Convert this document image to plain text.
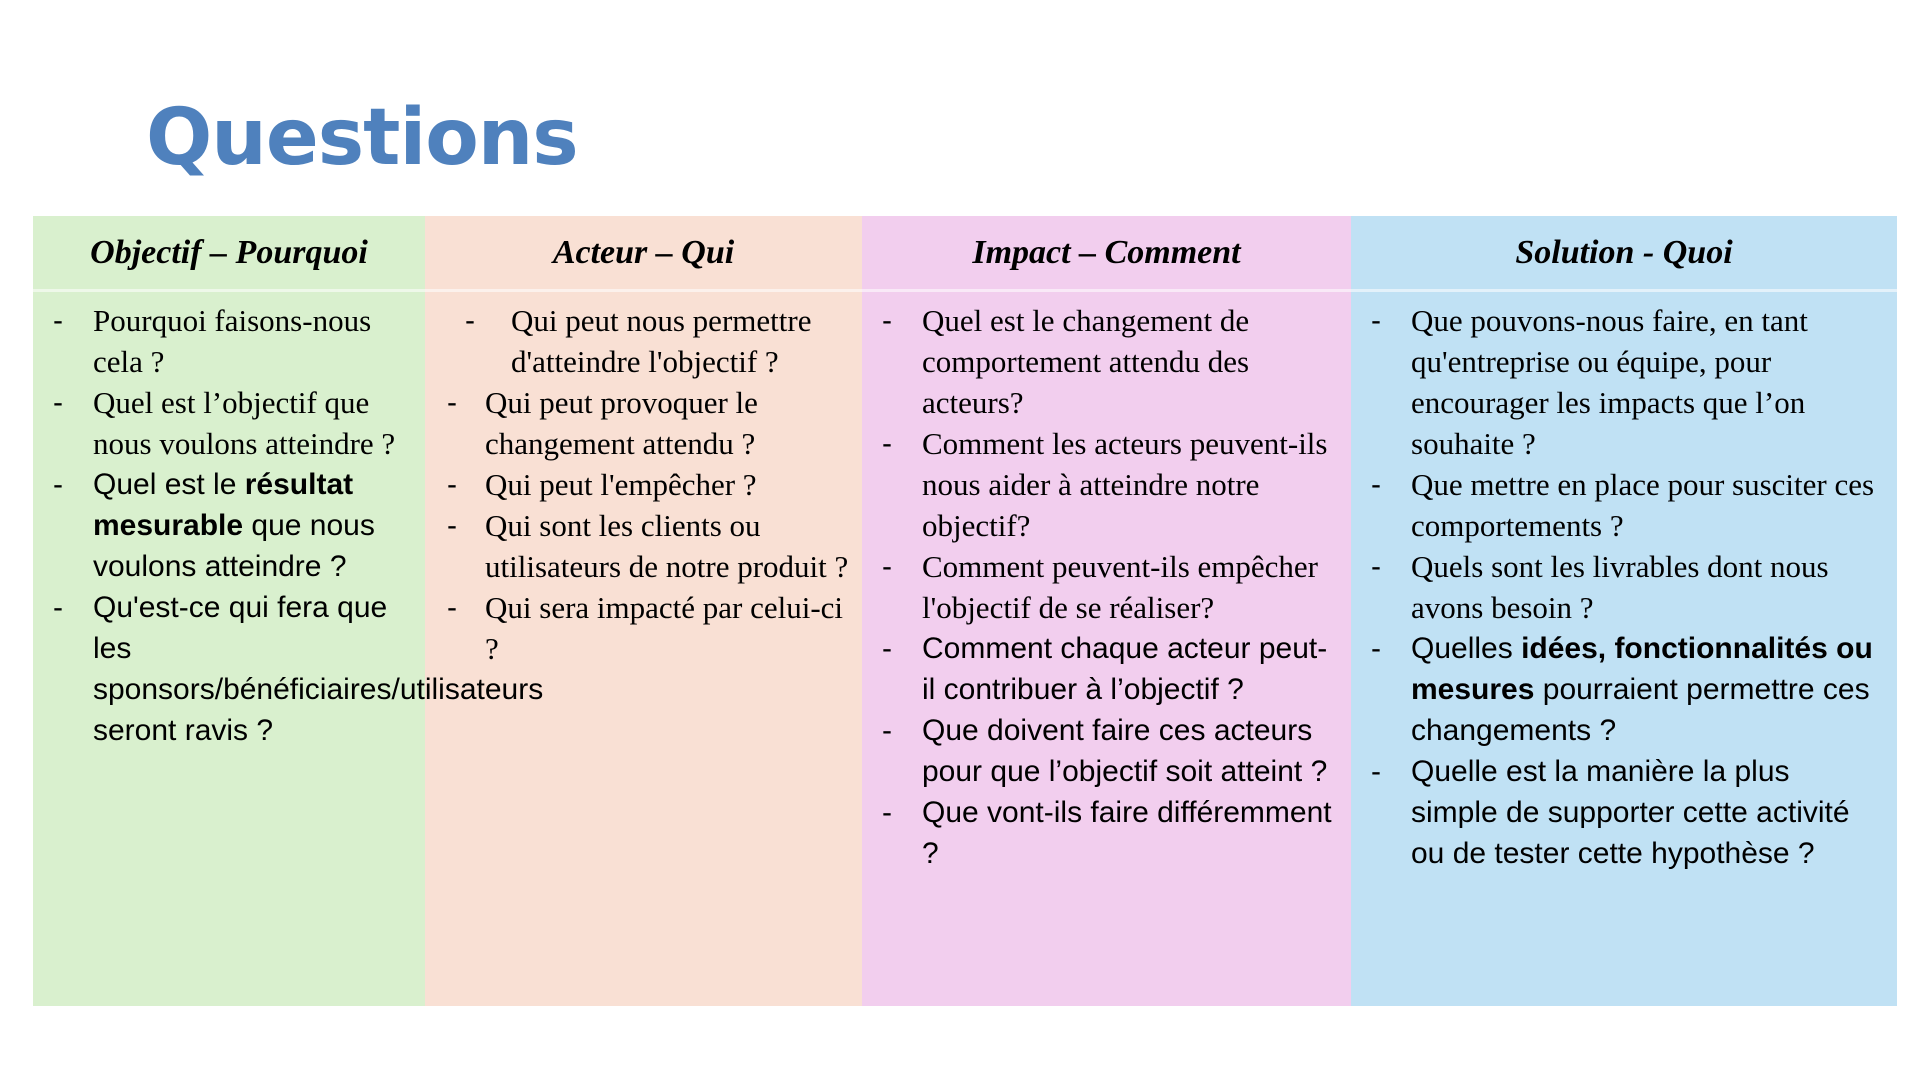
Questions
Objectif – Pourquoi
- Pourquoi faisons-nous cela ?
- Quel est l’objectif que nous voulons atteindre ?
- Quel est le résultat mesurable que nous voulons atteindre ?
- Qu'est-ce qui fera que les sponsors/bénéficiaires/utilisateurs seront ravis ?
Acteur – Qui
- Qui peut nous permettre d'atteindre l'objectif ?
- Qui peut provoquer le changement attendu ?
- Qui peut l'empêcher ?
- Qui sont les clients ou utilisateurs de notre produit ?
- Qui sera impacté par celui-ci ?
Impact – Comment
- Quel est le changement de comportement attendu des acteurs?
- Comment les acteurs peuvent-ils nous aider à atteindre notre objectif?
- Comment peuvent-ils empêcher l'objectif de se réaliser?
- Comment chaque acteur peut-il contribuer à l’objectif ?
- Que doivent faire ces acteurs pour que l’objectif soit atteint ?
- Que vont-ils faire différemment ?
Solution - Quoi
- Que pouvons-nous faire, en tant qu'entreprise ou équipe, pour encourager les impacts que l’on souhaite ?
- Que mettre en place pour susciter ces comportements ?
- Quels sont les livrables dont nous avons besoin ?
- Quelles idées, fonctionnalités ou mesures pourraient permettre ces changements ?
- Quelle est la manière la plus simple de supporter cette activité ou de tester cette hypothèse ?
